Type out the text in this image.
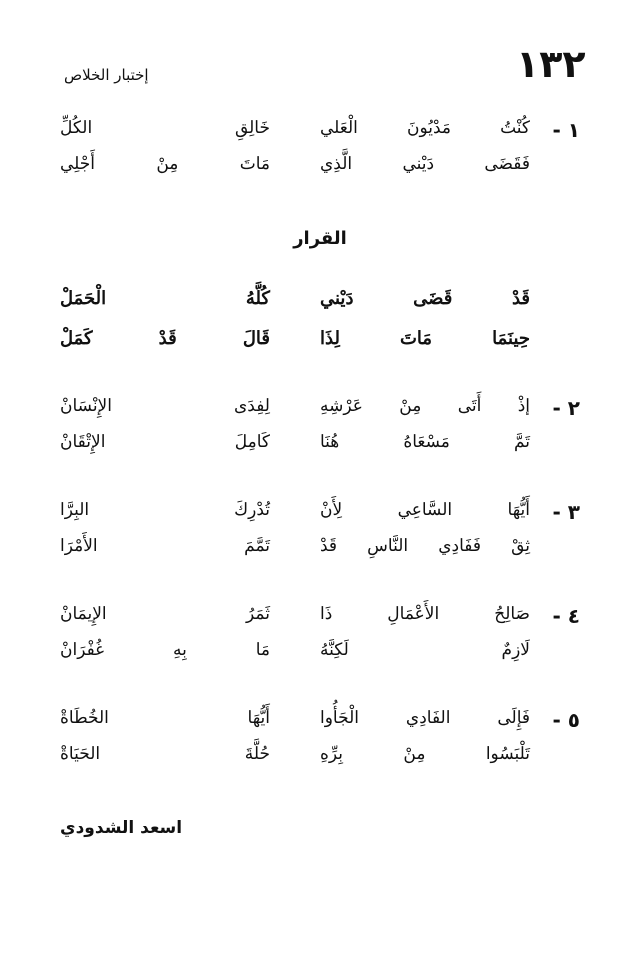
١٣٢
إختبار الخلاص
١ -
كُنْتُ مَدْيُونَ الْعَلي
خَالِقِ الكُلِّ
فَقَضَى دَيْني الَّذِي
مَاتَ مِنْ أَجْلِي
القرار
قَدْ قَضَى دَيْني
كُلَّهُ الْحَمَلْ
حِينَمَا مَاتَ لِذَا
قَالَ قَدْ كَمَلْ
٢ -
إذْ أَتَى مِنْ عَرْشِهِ
لِفِدَى الإِنْسَانْ
تَمَّ مَسْعَاهُ هُنَا
كَامِلَ الإِتْقَانْ
٣ -
أَيُّهَا السَّاعِي لِأَنْ
تُدْرِكَ البِرَّا
ثِقْ فَفَادِي النَّاسِ قَدْ
تَمَّمَ الأَمْرَا
٤ -
صَالِحُ الأَعْمَالِ ذَا
ثَمَرُ الإِيمَانْ
لَازِمٌ لَكِنَّهُ
مَا بِهِ غُفْرَانْ
٥ -
فَإِلَى الفَادِي الْجَأُوا
أَيُّهَا الخُطَاةْ
تَلْبَسُوا مِنْ بِرِّهِ
حُلَّةَ الحَيَاةْ
اسعد الشدودي
